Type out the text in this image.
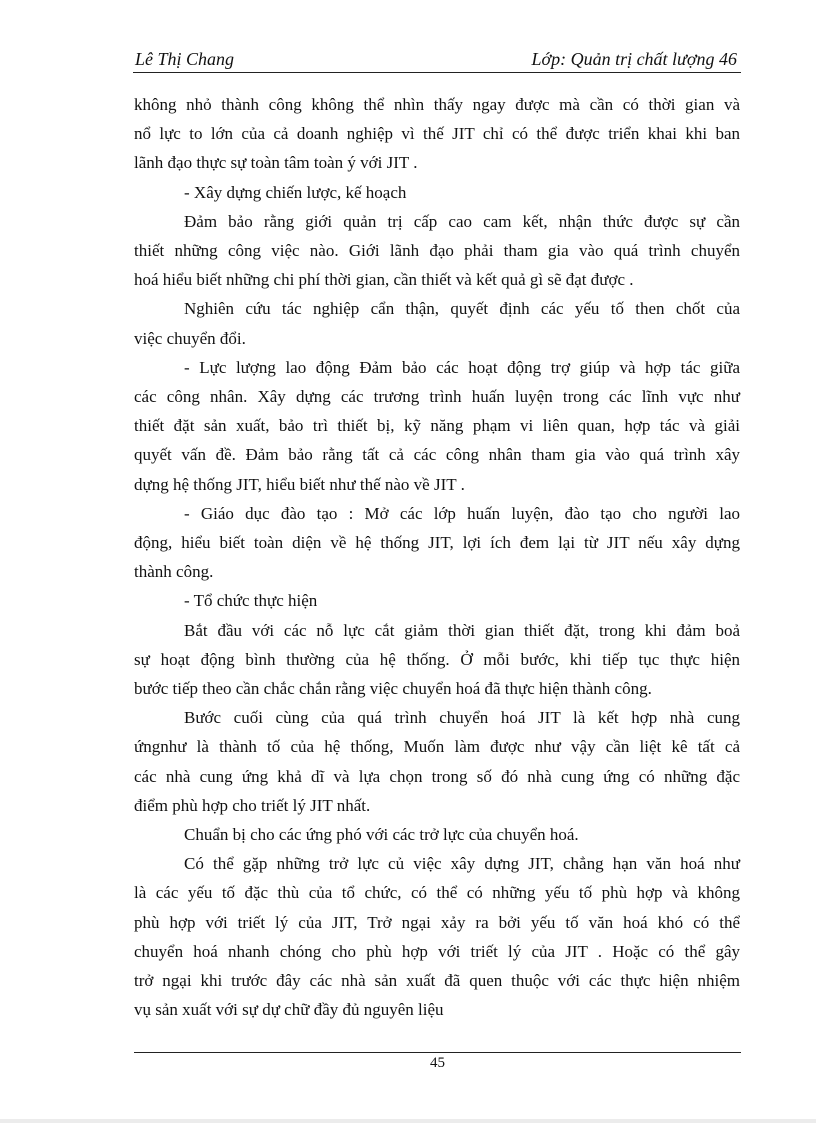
Lê Thị Chang	Lớp: Quản trị chất lượng 46

không nhỏ thành công không thể nhìn thấy ngay được mà cần có thời gian và

nổ lực to lớn của cả doanh nghiệp vì thế JIT chỉ có thể được triển khai khi ban

lãnh đạo thực sự toàn tâm toàn ý với JIT .

- Xây dựng chiến lược, kế hoạch

Đảm bảo rằng giới quản trị cấp cao cam kết, nhận thức được sự cần

thiết những công việc nào. Giới lãnh đạo phải tham gia vào quá trình chuyển

hoá hiểu biết những chi phí thời gian, cần thiết và kết quả gì sẽ đạt được .

Nghiên cứu tác nghiệp cẩn thận, quyết định các yếu tố then chốt của

việc chuyển đổi.

- Lực lượng lao động Đảm bảo các hoạt động trợ giúp và hợp tác giữa

các công nhân. Xây dựng các trương trình huấn luyện trong các lĩnh vực như

thiết đặt sản xuất, bảo trì thiết bị, kỹ năng phạm vi liên quan, hợp tác và giải

quyết vấn đề. Đảm bảo rằng tất cả các công nhân tham gia vào quá trình xây

dựng hệ thống JIT, hiểu biết như thế nào về JIT .

- Giáo dục đào tạo : Mở các lớp huấn luyện, đào tạo cho người lao

động, hiểu biết toàn diện về hệ thống JIT, lợi ích đem lại từ JIT nếu xây dựng

thành công.

- Tổ chức thực hiện

Bắt đầu với các nỗ lực cắt giảm thời gian thiết đặt, trong khi đảm boả

sự hoạt động bình thường của hệ thống. Ở mỗi bước, khi tiếp tục thực hiện

bước tiếp theo cần chắc chắn rằng việc chuyển hoá đã thực hiện thành công.

Bước cuối cùng của quá trình chuyển hoá JIT là kết hợp nhà cung

ứngnhư là thành tố của hệ thống, Muốn làm được như vậy cần liệt kê tất cả

các nhà cung ứng khả dĩ và lựa chọn trong số đó nhà cung ứng có những đặc

điểm phù hợp cho triết lý JIT nhất.

Chuẩn bị cho các ứng phó với các trở lực của chuyển hoá.

Có thể gặp những trở lực củ việc xây dựng JIT, chẳng hạn văn hoá như

là các yếu tố đặc thù của tổ chức, có thể có những yếu tố phù hợp và không

phù hợp với triết lý của JIT, Trở ngại xảy ra bởi yếu tố văn hoá khó có thể

chuyển hoá nhanh chóng cho phù hợp với triết lý của JIT . Hoặc có thể gây

trở ngại khi trước đây các nhà sản xuất đã quen thuộc với các thực hiện nhiệm

vụ sản xuất với sự dự chữ đầy đủ nguyên liệu

45
